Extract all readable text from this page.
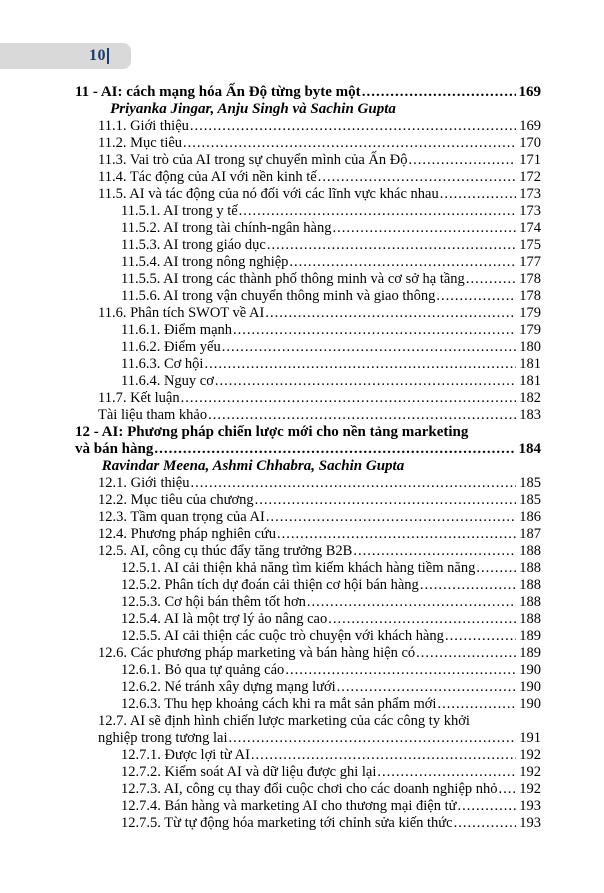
10
11 - AI: cách mạng hóa Ấn Độ từng byte một .....	169
Priyanka Jingar, Anju Singh và Sachin Gupta
11.1. Giới thiệu .....	169
11.2. Mục tiêu .....	170
11.3. Vai trò của AI trong sự chuyển mình của Ấn Độ .....	171
11.4. Tác động của AI với nền kinh tế .....	172
11.5. AI và tác động của nó đối với các lĩnh vực khác nhau .....	173
11.5.1. AI trong y tế .....	173
11.5.2. AI trong tài chính-ngân hàng .....	174
11.5.3. AI trong giáo dục .....	175
11.5.4. AI trong nông nghiệp .....	177
11.5.5. AI trong các thành phố thông minh và cơ sở hạ tầng .....	178
11.5.6. AI trong vận chuyển thông minh và giao thông .....	178
11.6. Phân tích SWOT về AI .....	179
11.6.1. Điểm mạnh .....	179
11.6.2. Điểm yếu .....	180
11.6.3. Cơ hội .....	181
11.6.4. Nguy cơ .....	181
11.7. Kết luận .....	182
Tài liệu tham khảo .....	183
12 - AI: Phương pháp chiến lược mới cho nền tảng marketing
và bán hàng .....	184
Ravindar Meena, Ashmi Chhabra, Sachin Gupta
12.1. Giới thiệu .....	185
12.2. Mục tiêu của chương .....	185
12.3. Tầm quan trọng của AI .....	186
12.4. Phương pháp nghiên cứu .....	187
12.5. AI, công cụ thúc đẩy tăng trưởng B2B .....	188
12.5.1. AI cải thiện khả năng tìm kiếm khách hàng tiềm năng .....	188
12.5.2. Phân tích dự đoán cải thiện cơ hội bán hàng .....	188
12.5.3. Cơ hội bán thêm tốt hơn .....	188
12.5.4. AI là một trợ lý ảo nâng cao .....	188
12.5.5. AI cải thiện các cuộc trò chuyện với khách hàng .....	189
12.6. Các phương pháp marketing và bán hàng hiện có .....	189
12.6.1. Bỏ qua tự quảng cáo .....	190
12.6.2. Né tránh xây dựng mạng lưới .....	190
12.6.3. Thu hẹp khoảng cách khi ra mắt sản phẩm mới .....	190
12.7. AI sẽ định hình chiến lược marketing của các công ty khởi
nghiệp trong tương lai .....	191
12.7.1. Được lợi từ AI .....	192
12.7.2. Kiểm soát AI và dữ liệu được ghi lại .....	192
12.7.3. AI, công cụ thay đổi cuộc chơi cho các doanh nghiệp nhỏ ..... 192
12.7.4. Bán hàng và marketing AI cho thương mại điện tử .....	193
12.7.5. Từ tự động hóa marketing tới chỉnh sửa kiến thức .....	193
